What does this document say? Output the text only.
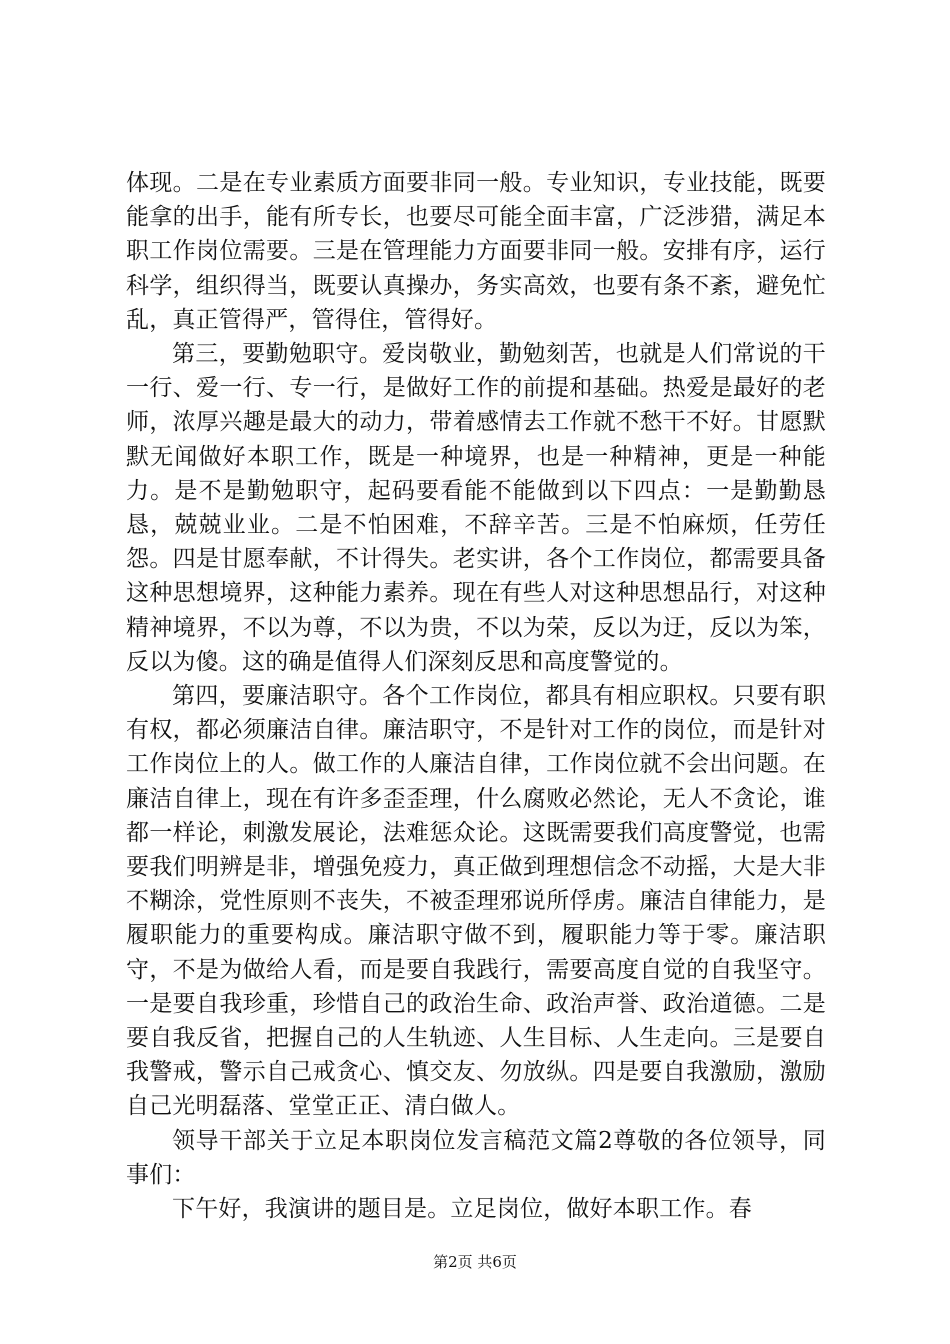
体现。二是在专业素质方面要非同一般。专业知识，专业技能，既要能拿的出手，能有所专长，也要尽可能全面丰富，广泛涉猎，满足本职工作岗位需要。三是在管理能力方面要非同一般。安排有序，运行科学，组织得当，既要认真操办，务实高效，也要有条不紊，避免忙乱，真正管得严，管得住，管得好。

第三，要勤勉职守。爱岗敬业，勤勉刻苦，也就是人们常说的干一行、爱一行、专一行，是做好工作的前提和基础。热爱是最好的老师，浓厚兴趣是最大的动力，带着感情去工作就不愁干不好。甘愿默默无闻做好本职工作，既是一种境界，也是一种精神，更是一种能力。是不是勤勉职守，起码要看能不能做到以下四点：一是勤勤恳恳，兢兢业业。二是不怕困难，不辞辛苦。三是不怕麻烦，任劳任怨。四是甘愿奉献，不计得失。老实讲，各个工作岗位，都需要具备这种思想境界，这种能力素养。现在有些人对这种思想品行，对这种精神境界，不以为尊，不以为贵，不以为荣，反以为迂，反以为笨，反以为傻。这的确是值得人们深刻反思和高度警觉的。

第四，要廉洁职守。各个工作岗位，都具有相应职权。只要有职有权，都必须廉洁自律。廉洁职守，不是针对工作的岗位，而是针对工作岗位上的人。做工作的人廉洁自律，工作岗位就不会出问题。在廉洁自律上，现在有许多歪歪理，什么腐败必然论，无人不贪论，谁都一样论，刺激发展论，法难惩众论。这既需要我们高度警觉，也需要我们明辨是非，增强免疫力，真正做到理想信念不动摇，大是大非不糊涂，党性原则不丧失，不被歪理邪说所俘虏。廉洁自律能力，是履职能力的重要构成。廉洁职守做不到，履职能力等于零。廉洁职守，不是为做给人看，而是要自我践行，需要高度自觉的自我坚守。一是要自我珍重，珍惜自己的政治生命、政治声誉、政治道德。二是要自我反省，把握自己的人生轨迹、人生目标、人生走向。三是要自我警戒，警示自己戒贪心、慎交友、勿放纵。四是要自我激励，激励自己光明磊落、堂堂正正、清白做人。

领导干部关于立足本职岗位发言稿范文篇2尊敬的各位领导，同事们：

下午好，我演讲的题目是。立足岗位，做好本职工作。春

第2页 共6页
